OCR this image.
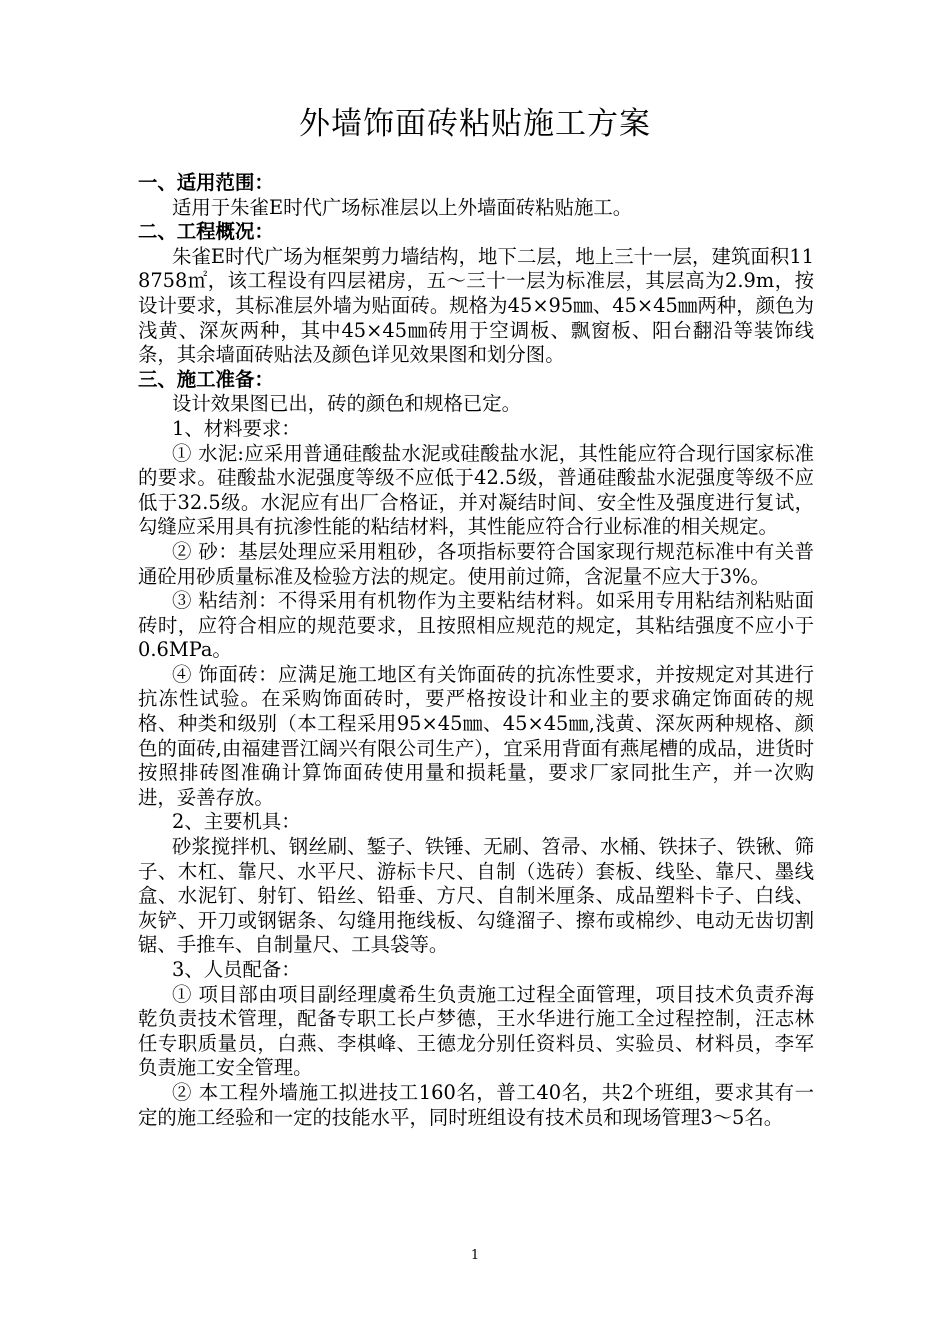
外墙饰面砖粘贴施工方案

一、适用范围：

适用于朱雀E时代广场标准层以上外墙面砖粘贴施工。

二、工程概况：

朱雀E时代广场为框架剪力墙结构，地下二层，地上三十一层，建筑面积118758㎡，该工程设有四层裙房，五～三十一层为标准层，其层高为2.9m，按设计要求，其标准层外墙为贴面砖。规格为45×95㎜、45×45㎜两种，颜色为浅黄、深灰两种，其中45×45㎜砖用于空调板、飘窗板、阳台翻沿等装饰线条，其余墙面砖贴法及颜色详见效果图和划分图。

三、施工准备：

设计效果图已出，砖的颜色和规格已定。

1、材料要求：

① 水泥:应采用普通硅酸盐水泥或硅酸盐水泥，其性能应符合现行国家标准的要求。硅酸盐水泥强度等级不应低于42.5级，普通硅酸盐水泥强度等级不应低于32.5级。水泥应有出厂合格证，并对凝结时间、安全性及强度进行复试，勾缝应采用具有抗渗性能的粘结材料，其性能应符合行业标准的相关规定。

② 砂：基层处理应采用粗砂，各项指标要符合国家现行规范标准中有关普通砼用砂质量标准及检验方法的规定。使用前过筛，含泥量不应大于3%。

③ 粘结剂：不得采用有机物作为主要粘结材料。如采用专用粘结剂粘贴面砖时，应符合相应的规范要求，且按照相应规范的规定，其粘结强度不应小于0.6MPa。

④ 饰面砖：应满足施工地区有关饰面砖的抗冻性要求，并按规定对其进行抗冻性试验。在采购饰面砖时，要严格按设计和业主的要求确定饰面砖的规格、种类和级别（本工程采用95×45㎜、45×45㎜,浅黄、深灰两种规格、颜色的面砖,由福建晋江阔兴有限公司生产），宜采用背面有燕尾槽的成品，进货时按照排砖图准确计算饰面砖使用量和损耗量，要求厂家同批生产，并一次购进，妥善存放。

2、主要机具：

砂浆搅拌机、钢丝刷、錾子、铁锤、无刷、笤帚、水桶、铁抹子、铁锹、筛子、木杠、靠尺、水平尺、游标卡尺、自制（选砖）套板、线坠、靠尺、墨线盒、水泥钉、射钉、铅丝、铅垂、方尺、自制米厘条、成品塑料卡子、白线、灰铲、开刀或钢锯条、勾缝用拖线板、勾缝溜子、擦布或棉纱、电动无齿切割锯、手推车、自制量尺、工具袋等。

3、人员配备：

① 项目部由项目副经理虞希生负责施工过程全面管理，项目技术负责乔海乾负责技术管理，配备专职工长卢梦德，王水华进行施工全过程控制，汪志林任专职质量员，白燕、李棋峰、王德龙分别任资料员、实验员、材料员，李军负责施工安全管理。

② 本工程外墙施工拟进技工160名，普工40名，共2个班组，要求其有一定的施工经验和一定的技能水平，同时班组设有技术员和现场管理3～5名。

1
